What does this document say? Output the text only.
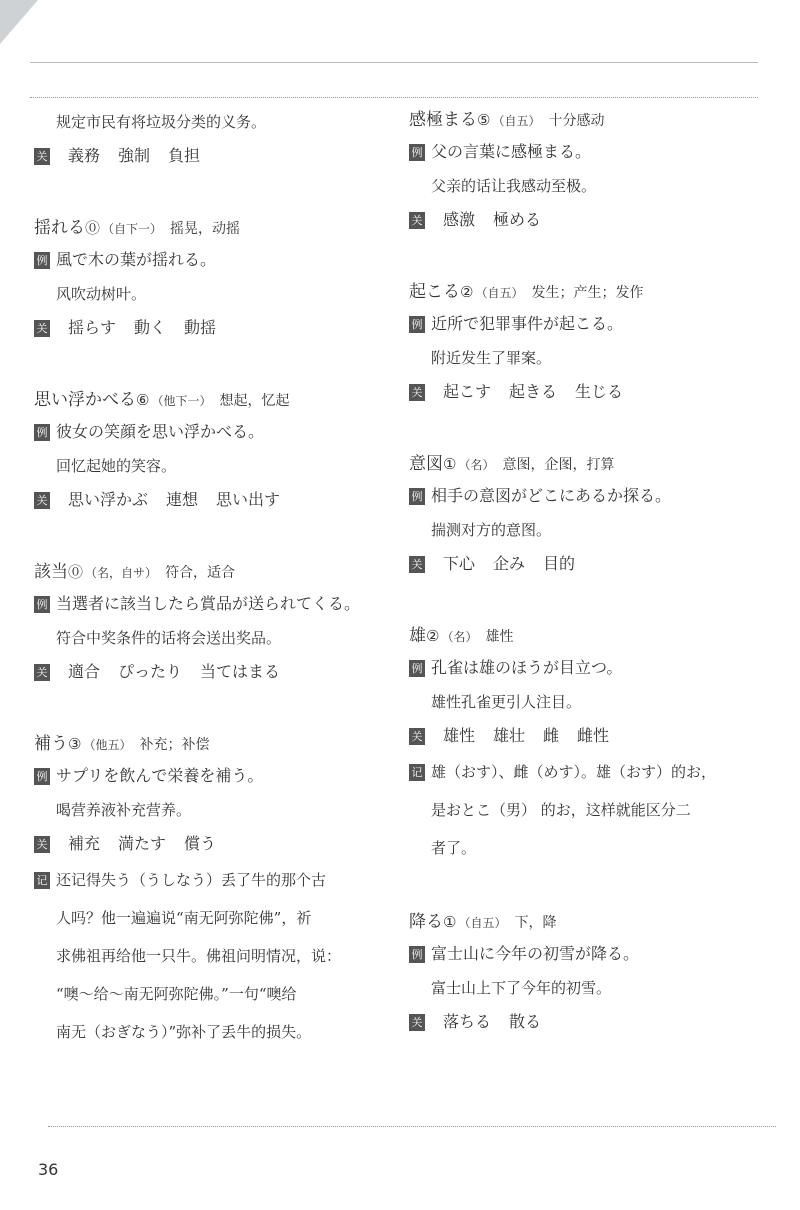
规定市民有将垃圾分类的义务。
关 義務 強制 負担
揺れる⓪ （自下一） 摇晃，动摇
例 風で木の葉が揺れる。
风吹动树叶。
关 揺らす 動く 動揺
思い浮かべる⑥ （他下一） 想起，忆起
例 彼女の笑顔を思い浮かべる。
回忆起她的笑容。
关 思い浮かぶ 連想 思い出す
該当⓪ （名，自サ） 符合，适合
例 当選者に該当したら賞品が送られてくる。
符合中奖条件的话将会送出奖品。
关 適合 ぴったり 当てはまる
補う③ （他五） 补充；补偿
例 サプリを飲んで栄養を補う。
喝营养液补充营养。
关 補充 満たす 償う
记 还记得失う（うしなう）丢了牛的那个古
人吗？他一遍遍说“南无阿弥陀佛”，祈
求佛祖再给他一只牛。佛祖问明情况，说：
“噢～给～南无阿弥陀佛。”一句“噢给
南无（おぎなう）”弥补了丢牛的损失。
感極まる⑤ （自五） 十分感动
例 父の言葉に感極まる。
父亲的话让我感动至极。
关 感激 極める
起こる② （自五） 发生；产生；发作
例 近所で犯罪事件が起こる。
附近发生了罪案。
关 起こす 起きる 生じる
意図① （名） 意图，企图，打算
例 相手の意図がどこにあるか探る。
揣测对方的意图。
关 下心 企み 目的
雄② （名） 雄性
例 孔雀は雄のほうが目立つ。
雄性孔雀更引人注目。
关 雄性 雄壮 雌 雌性
记 雄（おす）、雌（めす）。雄（おす）的お，
是おとこ（男） 的お，这样就能区分二
者了。
降る① （自五） 下，降
例 富士山に今年の初雪が降る。
富士山上下了今年的初雪。
关 落ちる 散る
36
